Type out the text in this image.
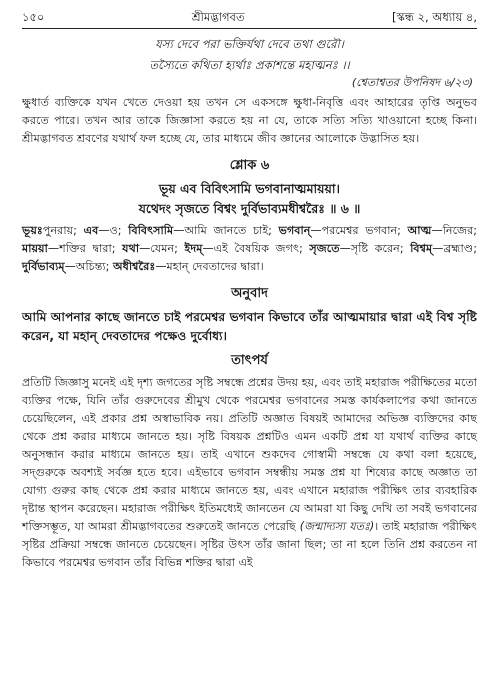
১৫০	শ্রীমদ্ভাগবত	[স্কন্ধ ২, অধ্যায় ৪,
যস্য দেবে পরা ভক্তির্যথা দেবে তথা গুরৌ।
তস্যৈতে কথিতা হ্যর্থাঃ প্রকাশন্তে মহাত্মনঃ ।।
(শ্বেতাশ্বতর উপনিষদ ৬/২৩)

ক্ষুধার্ত ব্যক্তিকে যখন খেতে দেওয়া হয় তখন সে একসঙ্গে ক্ষুধা-নিবৃত্তি এবং আহারের তৃপ্তি অনুভব করতে পারে। তখন আর তাকে জিজ্ঞাসা করতে হয় না যে, তাকে সত্যি সত্যি খাওয়ানো হচ্ছে কিনা। শ্রীমদ্ভাগবত শ্রবণের যথার্থ ফল হচ্ছে যে, তার মাধ্যমে জীব জ্ঞানের আলোকে উদ্ভাসিত হয়।

শ্লোক ৬
ভূয় এব বিবিৎসামি ভগবানাত্মমায়য়া।
যথেদং সৃজতে বিশ্বং দুর্বিভাব্যমধীশ্বরৈঃ ॥ ৬ ॥

ভূয়ঃপুনরায়; এব—ও; বিবিৎসামি—আমি জানতে চাই; ভগবান্—পরমেশ্বর ভগবান; আত্ম—নিজের; মায়য়া—শক্তির দ্বারা; যথা—যেমন; ইদম্—এই বৈষয়িক জগৎ; সৃজতে—সৃষ্টি করেন; বিশ্বম্—ব্রহ্মাণ্ড; দুর্বিভাব্যম্—অচিন্ত্য; অধীশ্বরৈঃ—মহান্ দেবতাদের দ্বারা।

অনুবাদ

আমি আপনার কাছে জানতে চাই পরমেশ্বর ভগবান কিভাবে তাঁর আত্মমায়ার দ্বারা এই বিশ্ব সৃষ্টি করেন, যা মহান্ দেবতাদের পক্ষেও দুর্বোধ্য।

তাৎপর্য

প্রতিটি জিজ্ঞাসু মনেই এই দৃশ্য জগতের সৃষ্টি সম্বন্ধে প্রশ্নের উদয় হয়, এবং তাই মহারাজ পরীক্ষিতের মতো ব্যক্তির পক্ষে, যিনি তাঁর গুরুদেবের শ্রীমুখ থেকে পরমেশ্বর ভগবানের সমস্ত কার্যকলাপের কথা জানতে চেয়েছিলেন, এই প্রকার প্রশ্ন অস্বাভাবিক নয়। প্রতিটি অজ্ঞাত বিষয়ই আমাদের অভিজ্ঞ ব্যক্তিদের কাছ থেকে প্রশ্ন করার মাধ্যমে জানতে হয়। সৃষ্টি বিষয়ক প্রশ্নটিও এমন একটি প্রশ্ন যা যথার্থ ব্যক্তির কাছে অনুসন্ধান করার মাধ্যমে জানতে হয়। তাই এখানে শুকদেব গোস্বামী সম্বন্ধে যে কথা বলা হয়েছে, সদ্‌গুরুকে অবশ্যই সর্বজ্ঞ হতে হবে। এইভাবে ভগবান সম্বন্ধীয় সমস্ত প্রশ্ন যা শিষ্যের কাছে অজ্ঞাত তা যোগ্য গুরুর কাছ থেকে প্রশ্ন করার মাধ্যমে জানতে হয়, এবং এখানে মহারাজ পরীক্ষিৎ তার ব্যবহারিক দৃষ্টান্ত স্থাপন করেছেন। মহারাজ পরীক্ষিৎ ইতিমধ্যেই জানতেন যে আমরা যা কিছু দেখি তা সবই ভগবানের শক্তিসম্ভূত, যা আমরা শ্রীমদ্ভাগবতের শুরুতেই জানতে পেরেছি (জন্মাদ্যস্য যতঃ)। তাই মহারাজ পরীক্ষিৎ সৃষ্টির প্রক্রিয়া সম্বন্ধে জানতে চেয়েছেন। সৃষ্টির উৎস তাঁর জানা ছিল; তা না হলে তিনি প্রশ্ন করতেন না কিভাবে পরমেশ্বর ভগবান তাঁর বিভিন্ন শক্তির দ্বারা এই
